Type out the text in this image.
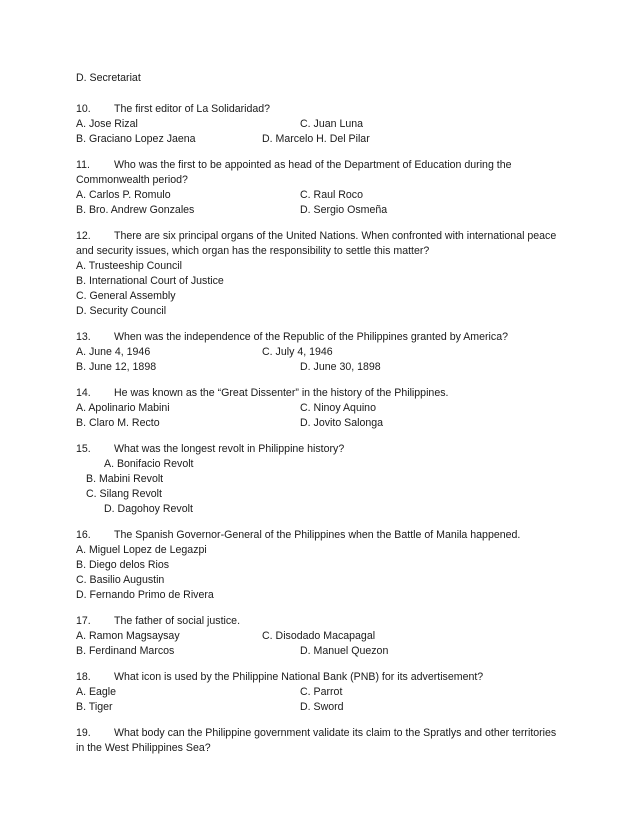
D. Secretariat
10. The first editor of La Solidaridad?
A. Jose Rizal	C. Juan Luna
B. Graciano Lopez Jaena	D. Marcelo H. Del Pilar
11. Who was the first to be appointed as head of the Department of Education during the
Commonwealth period?
A. Carlos P. Romulo	C. Raul Roco
B. Bro. Andrew Gonzales	D. Sergio Osmeña
12. There are six principal organs of the United Nations. When confronted with international peace
and security issues, which organ has the responsibility to settle this matter?
A. Trusteeship Council
B. International Court of Justice
C. General Assembly
D. Security Council
13. When was the independence of the Republic of the Philippines granted by America?
A. June 4, 1946	C. July 4, 1946
B. June 12, 1898	D. June 30, 1898
14. He was known as the “Great Dissenter” in the history of the Philippines.
A. Apolinario Mabini	C. Ninoy Aquino
B. Claro M. Recto	D. Jovito Salonga
15. What was the longest revolt in Philippine history?
A. Bonifacio Revolt
B. Mabini Revolt
C. Silang Revolt
D. Dagohoy Revolt
16. The Spanish Governor-General of the Philippines when the Battle of Manila happened.
A. Miguel Lopez de Legazpi
B. Diego delos Rios
C. Basilio Augustin
D. Fernando Primo de Rivera
17. The father of social justice.
A. Ramon Magsaysay	C. Disodado Macapagal
B. Ferdinand Marcos	D. Manuel Quezon
18. What icon is used by the Philippine National Bank (PNB) for its advertisement?
A. Eagle	C. Parrot
B. Tiger	D. Sword
19. What body can the Philippine government validate its claim to the Spratlys and other territories
in the West Philippines Sea?
